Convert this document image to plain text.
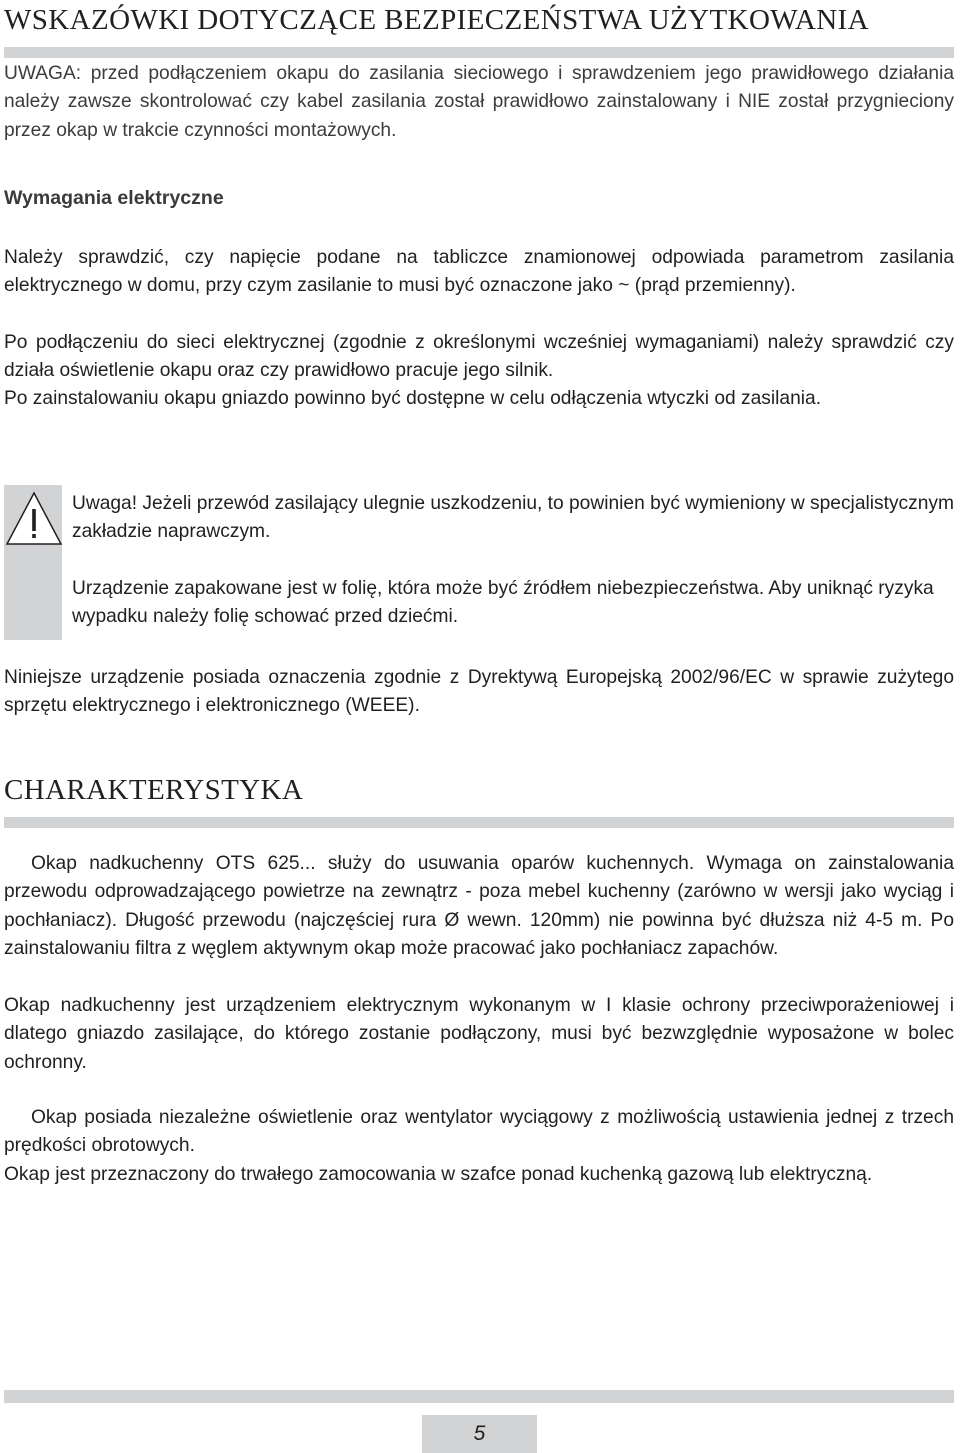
WSKAZÓWKI DOTYCZĄCE BEZPIECZEŃSTWA UŻYTKOWANIA
UWAGA: przed podłączeniem okapu do zasilania sieciowego i sprawdzeniem jego prawidłowego działania należy zawsze skontrolować czy kabel zasilania został prawidłowo zainstalowany i NIE został przygnieciony przez okap w trakcie czynności montażowych.
Wymagania elektryczne
Należy sprawdzić, czy napięcie podane na tabliczce znamionowej odpowiada parametrom zasilania elektrycznego w domu, przy czym zasilanie to musi być oznaczone jako ~ (prąd przemienny).
Po podłączeniu do sieci elektrycznej (zgodnie z określonymi wcześniej wymaganiami) należy sprawdzić czy działa oświetlenie okapu oraz czy prawidłowo pracuje jego silnik.
Po zainstalowaniu okapu gniazdo powinno być dostępne w celu odłączenia wtyczki od zasilania.
Uwaga! Jeżeli przewód zasilający ulegnie uszkodzeniu, to powinien być wymieniony w specjalistycznym zakładzie naprawczym.
Urządzenie zapakowane jest w folię, która może być źródłem niebezpieczeństwa. Aby uniknąć ryzyka wypadku należy folię schować przed dziećmi.
Niniejsze urządzenie posiada oznaczenia zgodnie z Dyrektywą Europejską 2002/96/EC w sprawie zużytego sprzętu elektrycznego i elektronicznego (WEEE).
CHARAKTERYSTYKA
Okap nadkuchenny OTS 625... służy do usuwania oparów kuchennych. Wymaga on zainstalowania przewodu odprowadzającego powietrze na zewnątrz - poza mebel kuchenny (zarówno w wersji jako wyciąg i pochłaniacz). Długość przewodu (najczęściej rura Ø wewn. 120mm) nie powinna być dłuższa niż 4-5 m. Po zainstalowaniu filtra z węglem aktywnym okap może pracować jako pochłaniacz zapachów.
Okap nadkuchenny jest urządzeniem elektrycznym wykonanym w I klasie ochrony przeciwporażeniowej i dlatego gniazdo zasilające, do którego zostanie podłączony, musi być bezwzględnie wyposażone w bolec ochronny.
Okap posiada niezależne oświetlenie oraz wentylator wyciągowy z możliwością ustawienia jednej z trzech prędkości obrotowych.
Okap jest przeznaczony do trwałego zamocowania w szafce ponad kuchenką gazową lub elektryczną.
5
